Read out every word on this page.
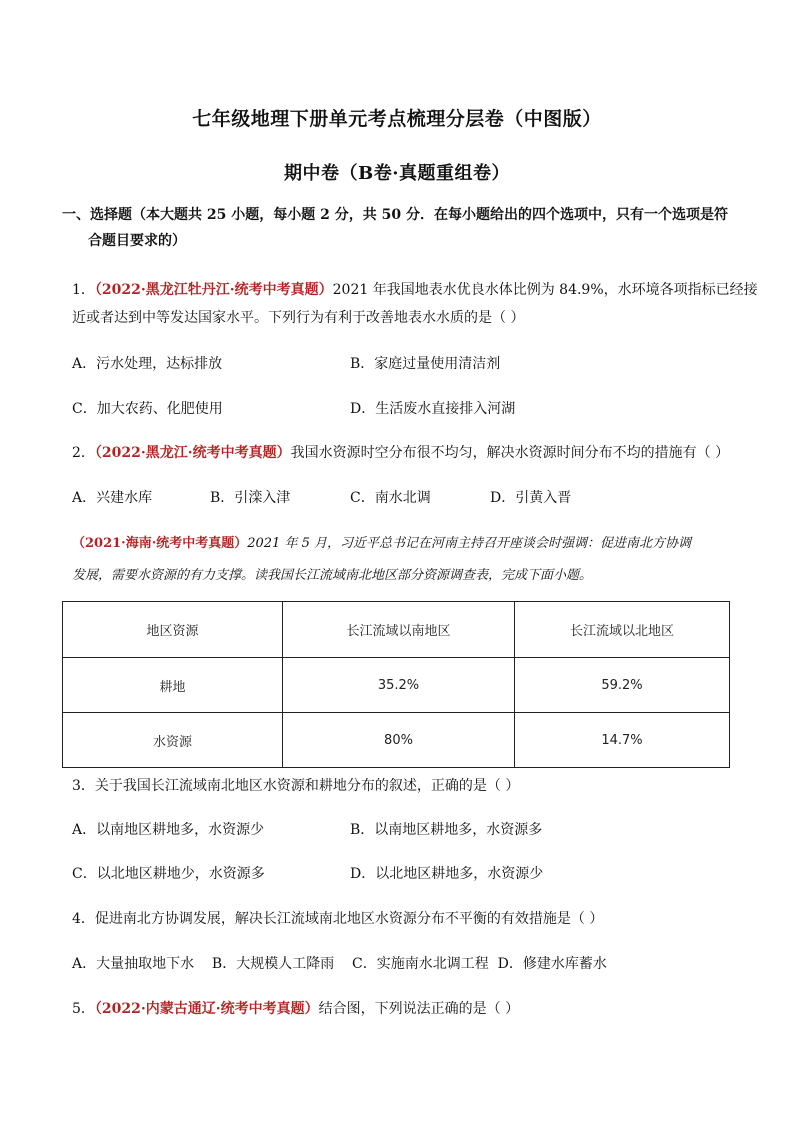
七年级地理下册单元考点梳理分层卷（中图版）
期中卷（B卷·真题重组卷）
一、选择题（本大题共 25 小题，每小题 2 分，共 50 分．在每小题给出的四个选项中，只有一个选项是符
合题目要求的）
1．（2022·黑龙江牡丹江·统考中考真题）2021 年我国地表水优良水体比例为 84.9%，水环境各项指标已经接
近或者达到中等发达国家水平。下列行为有利于改善地表水水质的是（ ）
A．污水处理，达标排放	B．家庭过量使用清洁剂
C．加大农药、化肥使用	D．生活废水直接排入河湖
2．（2022·黑龙江·统考中考真题）我国水资源时空分布很不均匀，解决水资源时间分布不均的措施有（ ）
A．兴建水库	B．引滦入津	C．南水北调	D．引黄入晋
（2021·海南·统考中考真题）2021 年 5 月，习近平总书记在河南主持召开座谈会时强调：促进南北方协调
发展，需要水资源的有力支撑。读我国长江流域南北地区部分资源调查表，完成下面小题。
地区资源	长江流域以南地区	长江流域以北地区
耕地	35.2%	59.2%
水资源	80%	14.7%
3．关于我国长江流域南北地区水资源和耕地分布的叙述，正确的是（ ）
A．以南地区耕地多，水资源少	B．以南地区耕地多，水资源多
C．以北地区耕地少，水资源多	D．以北地区耕地多，水资源少
4．促进南北方协调发展，解决长江流域南北地区水资源分布不平衡的有效措施是（ ）
A．大量抽取地下水    B．大规模人工降雨    C．实施南水北调工程  D．修建水库蓄水
5．（2022·内蒙古通辽·统考中考真题）结合图，下列说法正确的是（ ）
